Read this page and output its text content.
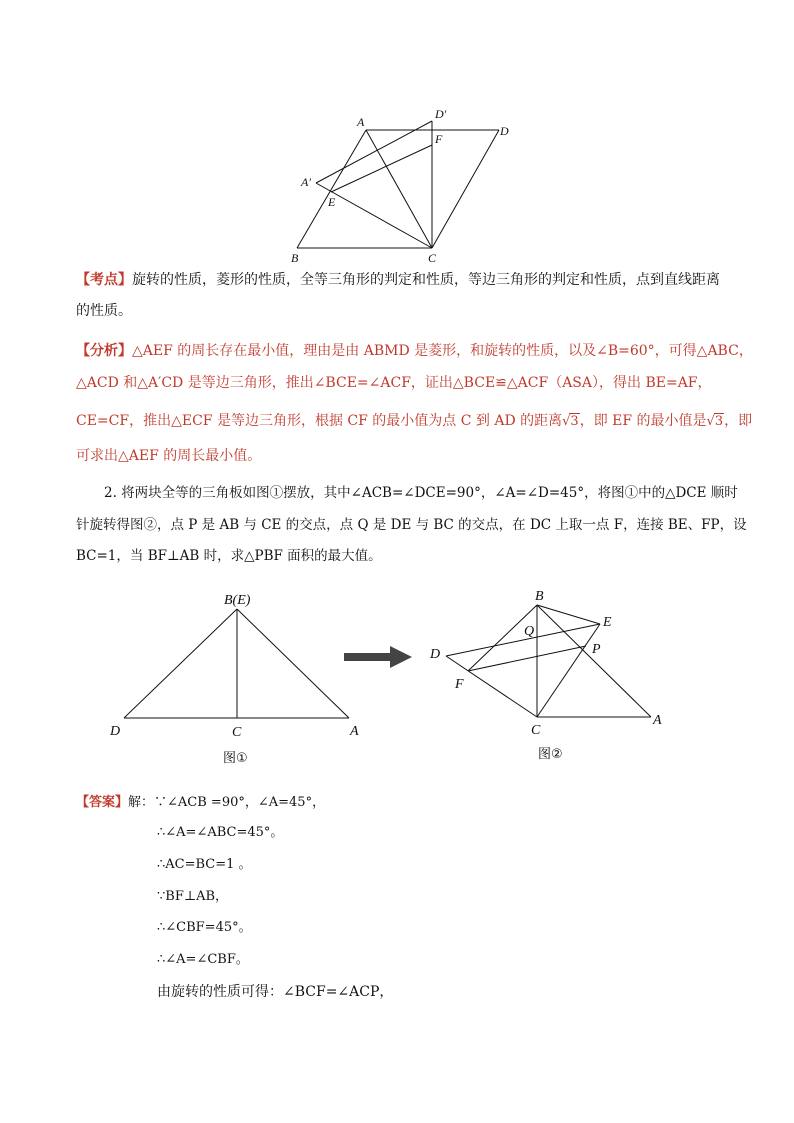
A
D′
D
F
A′
E
B	C
【考点】旋转的性质，菱形的性质，全等三角形的判定和性质，等边三角形的判定和性质，点到直线距离
的性质。
【分析】△AEF 的周长存在最小值，理由是由 ABMD 是菱形，和旋转的性质，以及∠B=60°，可得△ABC，
△ACD 和△A′CD 是等边三角形，推出∠BCE=∠ACF，证出△BCE≌△ACF（ASA），得出 BE=AF，
CE=CF，推出△ECF 是等边三角形，根据 CF 的最小值为点 C 到 AD 的距离√3，即 EF 的最小值是√3，即
可求出△AEF 的周长最小值。
2. 将两块全等的三角板如图①摆放，其中∠ACB=∠DCE=90°，∠A=∠D=45°，将图①中的△DCE 顺时
针旋转得图②，点 P 是 AB 与 CE 的交点，点 Q 是 DE 与 BC 的交点，在 DC 上取一点 F，连接 BE、FP，设
BC=1，当 BF⊥AB 时，求△PBF 面积的最大值。
B(E)
D	C	A
B
E
Q
P
D
F
C
A
图①	图②
【答案】解：∵∠ACB =90°，∠A=45°，
∴∠A=∠ABC=45°。
∴AC=BC=1 。
∵BF⊥AB，
∴∠CBF=45°。
∴∠A=∠CBF。
由旋转的性质可得：∠BCF=∠ACP，
